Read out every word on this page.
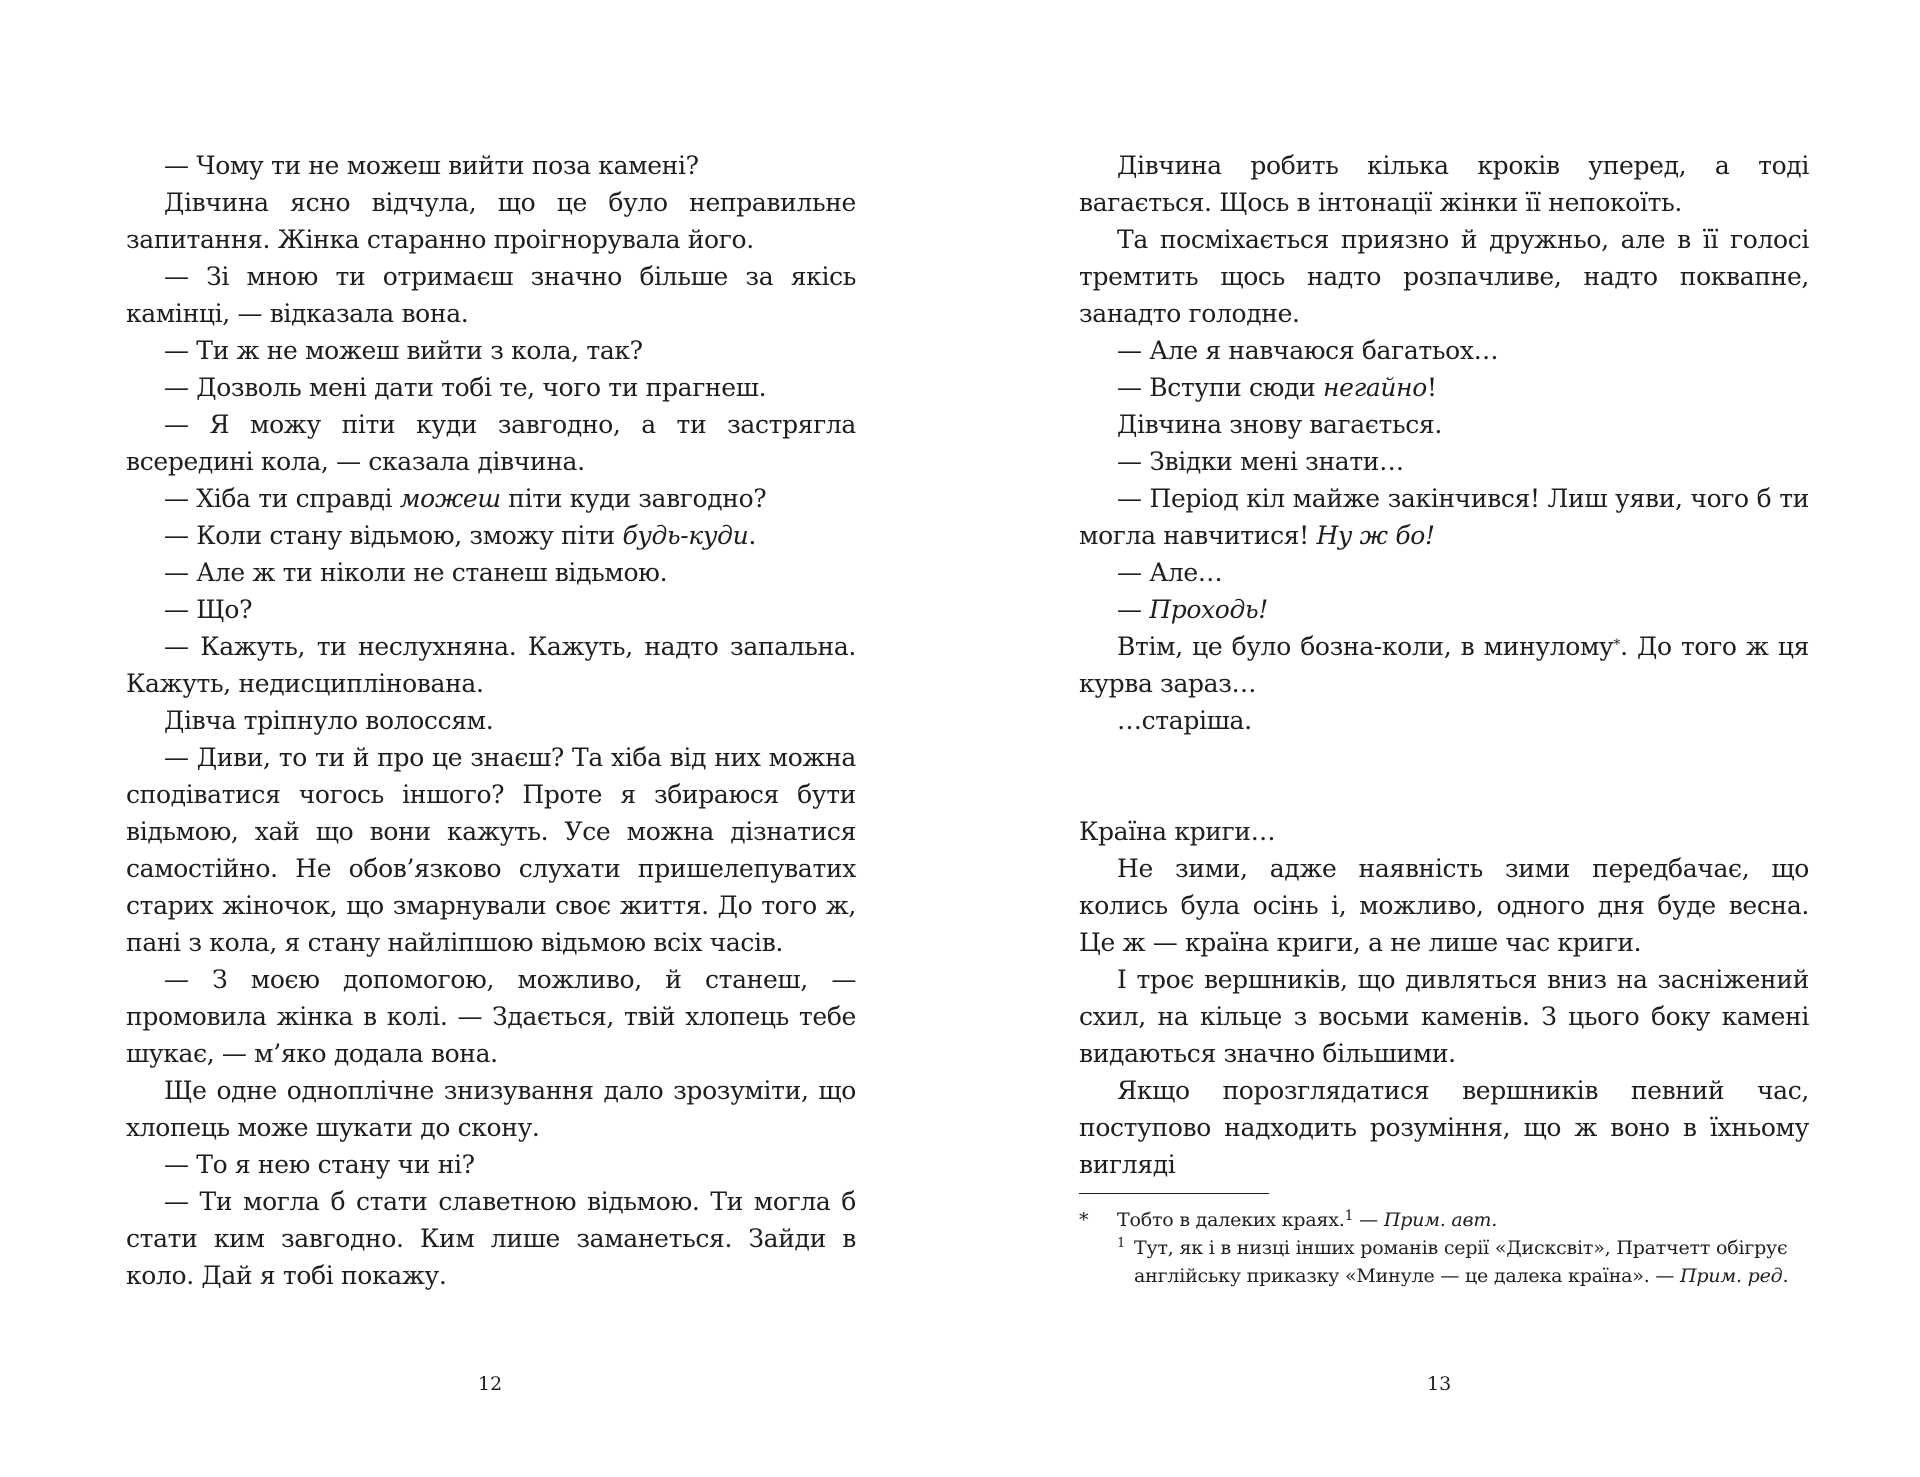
— Чому ти не можеш вийти поза камені?

Дівчина ясно відчула, що це було неправильне запитання. Жінка старанно проігнорувала його.

— Зі мною ти отримаєш значно більше за якісь камінці, — відказала вона.

— Ти ж не можеш вийти з кола, так?

— Дозволь мені дати тобі те, чого ти прагнеш.

— Я можу піти куди завгодно, а ти застрягла всередині кола, — сказала дівчина.

— Хіба ти справді можеш піти куди завгодно?

— Коли стану відьмою, зможу піти будь-куди.

— Але ж ти ніколи не станеш відьмою.

— Що?

— Кажуть, ти неслухняна. Кажуть, надто запальна. Кажуть, недисциплінована.

Дівча тріпнуло волоссям.

— Диви, то ти й про це знаєш? Та хіба від них можна сподіватися чогось іншого? Проте я збираюся бути відьмою, хай що вони кажуть. Усе можна дізнатися самостійно. Не обов’язково слухати пришелепуватих старих жіночок, що змарнували своє життя. До того ж, пані з кола, я стану найліпшою відьмою всіх часів.

— З моєю допомогою, можливо, й станеш, — промовила жінка в колі. — Здається, твій хлопець тебе шукає, — м’яко додала вона.

Ще одне одноплічне знизування дало зрозуміти, що хлопець може шукати до скону.

— То я нею стану чи ні?

— Ти могла б стати славетною відьмою. Ти могла б стати ким завгодно. Ким лише заманеться. Зайди в коло. Дай я тобі покажу.

12

Дівчина робить кілька кроків уперед, а тоді вагається. Щось в інтонації жінки її непокоїть.

Та посміхається приязно й дружньо, але в її голосі тремтить щось надто розпачливе, надто поквапне, занадто голодне.

— Але я навчаюся багатьох…

— Вступи сюди негайно!

Дівчина знову вагається.

— Звідки мені знати…

— Період кіл майже закінчився! Лиш уяви, чого б ти могла навчитися! Ну ж бо!

— Але…

— Проходь!

Втім, це було бозна-коли, в минулому*. До того ж ця курва зараз…

…старіша.

Країна криги…

Не зими, адже наявність зими передбачає, що колись була осінь і, можливо, одного дня буде весна. Це ж — країна криги, а не лише час криги.

І троє вершників, що дивляться вниз на засніжений схил, на кільце з восьми каменів. З цього боку камені видаються значно більшими.

Якщо порозглядатися вершників певний час, поступово надходить розуміння, що ж воно в їхньому вигляді

* Тобто в далеких краях.$^1$ — Прим. авт.

1 Тут, як і в низці інших романів серії «Дисксвіт», Пратчетт обігрує англійську приказку «Минуле — це далека країна». — Прим. ред.

13
